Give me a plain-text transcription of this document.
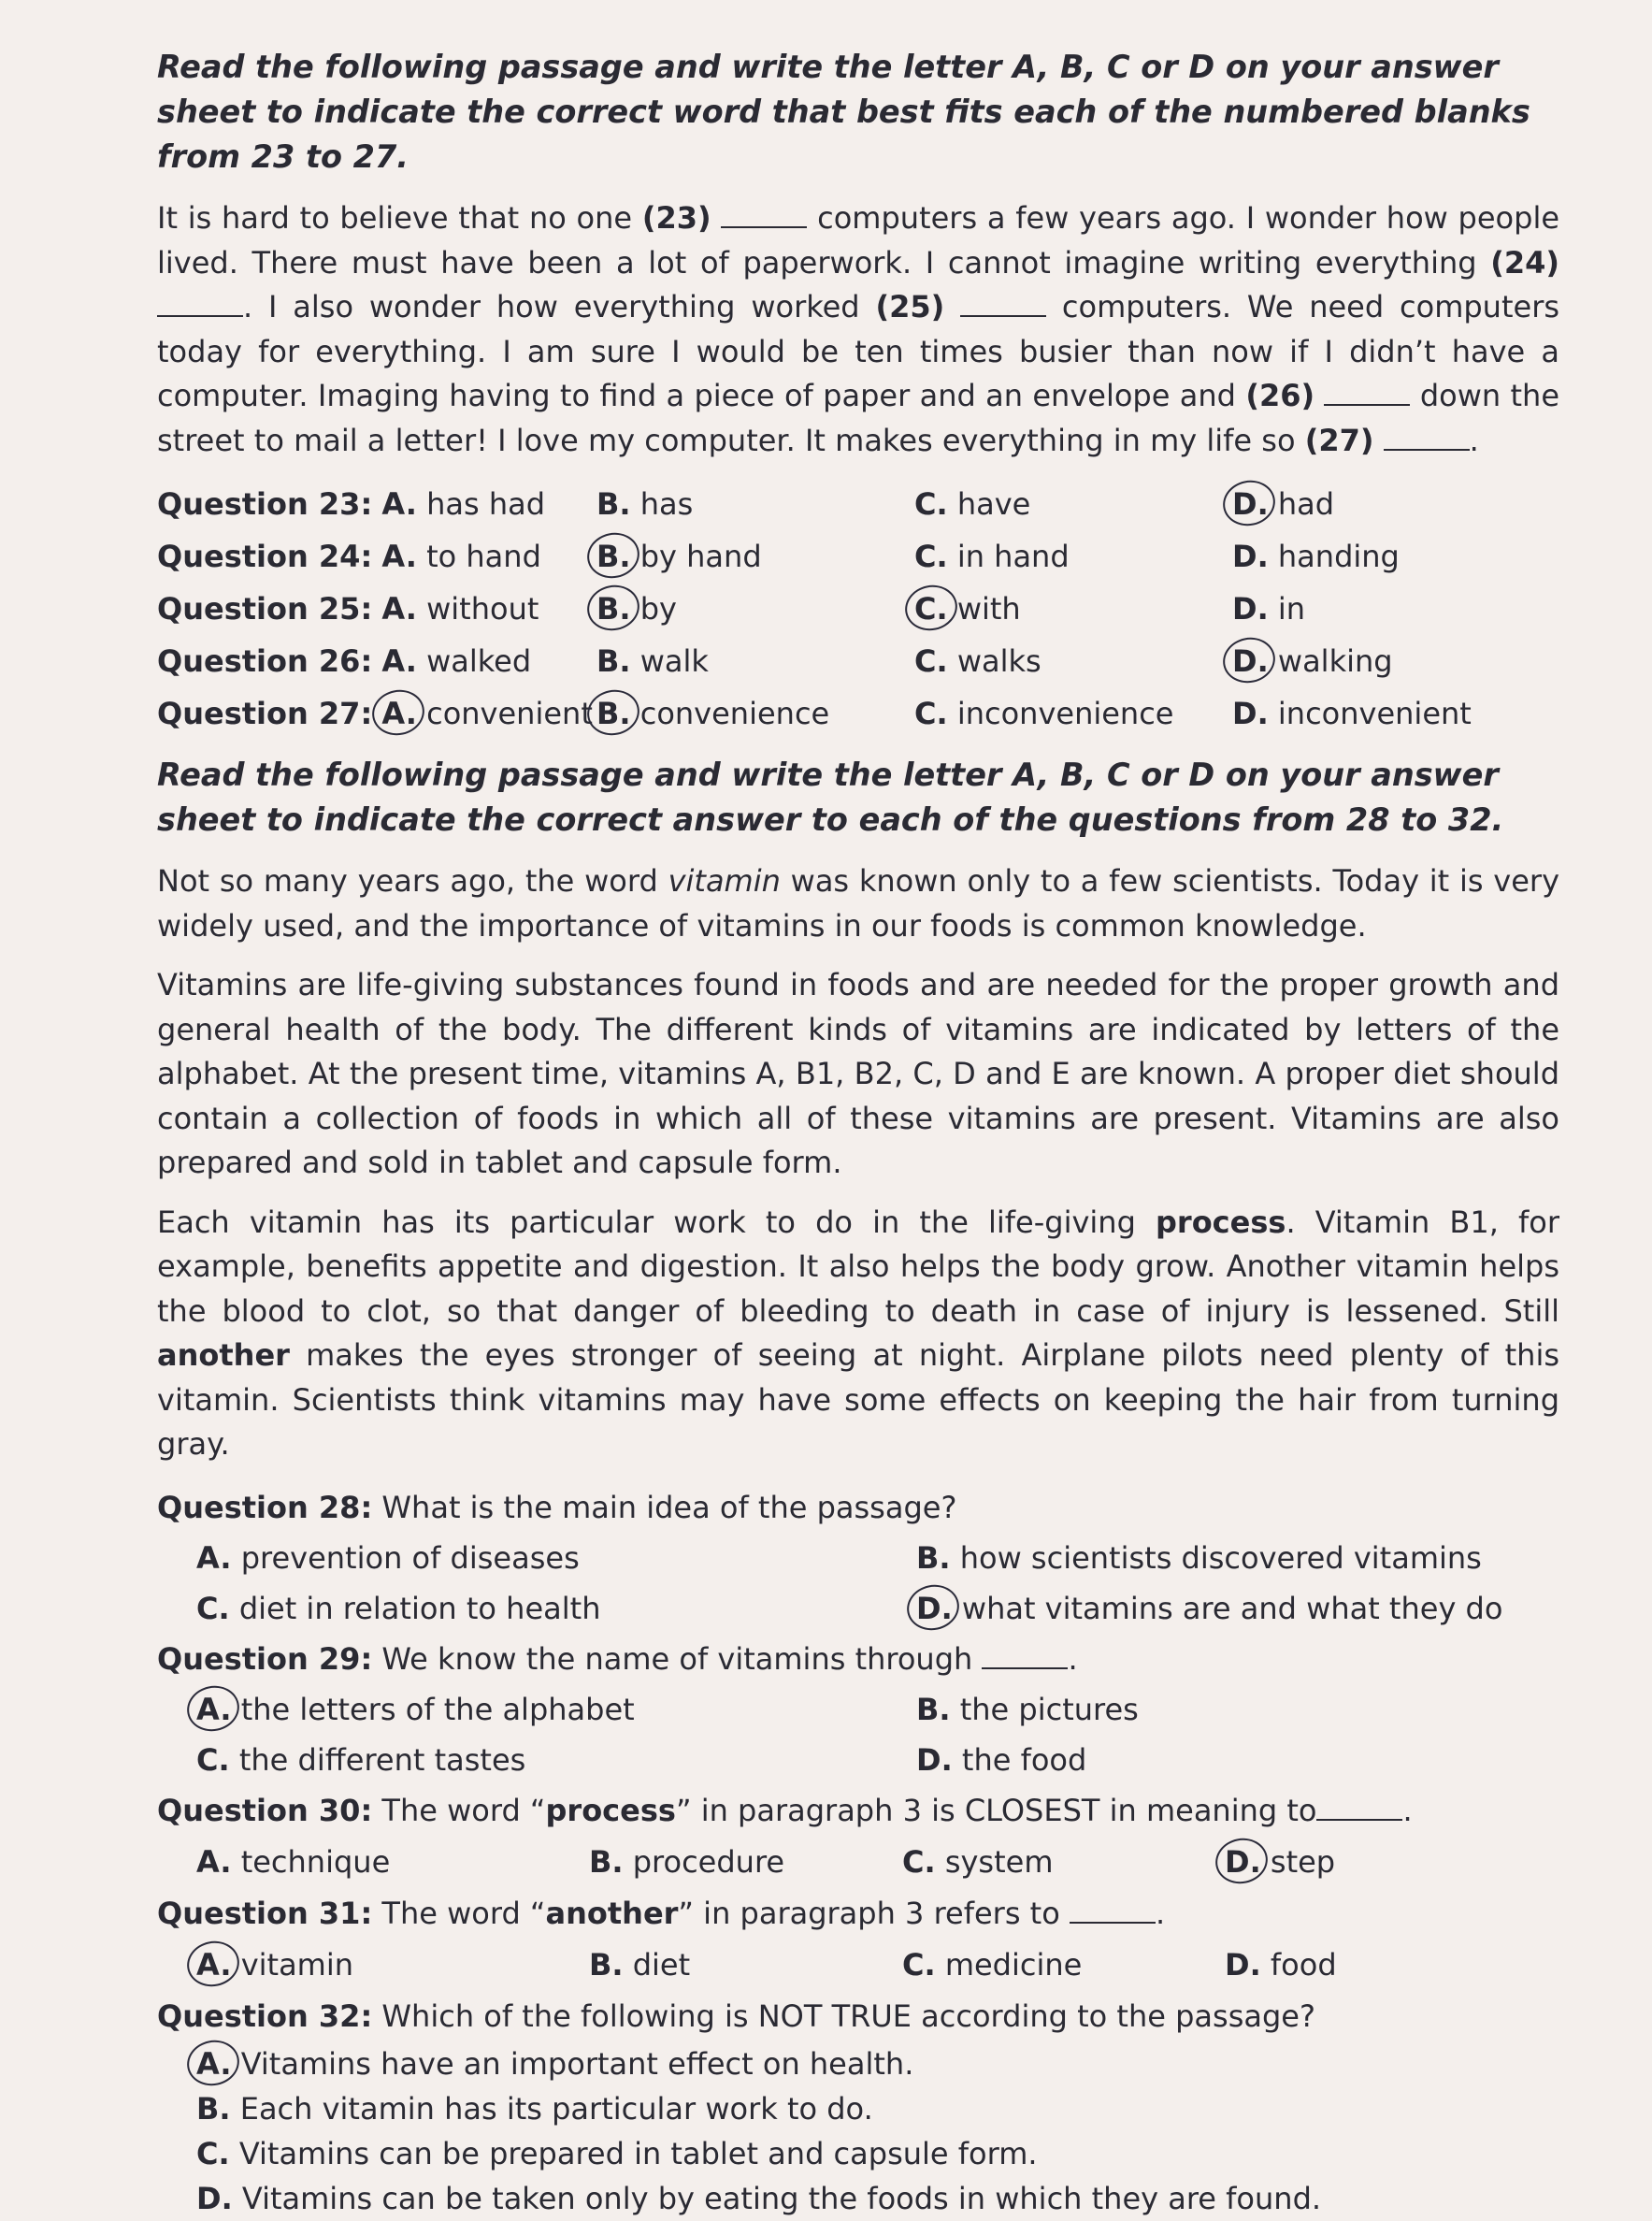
Read the following passage and write the letter A, B, C or D on your answer sheet to indicate the correct word that best fits each of the numbered blanks from 23 to 27.

It is hard to believe that no one (23)	computers a few years ago. I wonder how people lived. There must have been a lot of paperwork. I cannot imagine writing everything (24) . I also wonder how everything worked (25)	computers. We need computers today for everything. I am sure I would be ten times busier than now if I didn’t have a computer. Imaging having to find a piece of paper and an envelope and (26)	down the street to mail a letter! I love my computer. It makes everything in my life so (27)	.

Question 23: A. has had	B. has	C. have	D. had
Question 24: A. to hand	B. by hand	C. in hand	D. handing
Question 25: A. without	B. by	C. with	D. in
Question 26: A. walked	B. walk	C. walks	D. walking
Question 27: A. convenient B. convenience	C. inconvenience	D. inconvenient

Read the following passage and write the letter A, B, C or D on your answer sheet to indicate the correct answer to each of the questions from 28 to 32.

Not so many years ago, the word vitamin was known only to a few scientists. Today it is very widely used, and the importance of vitamins in our foods is common knowledge.

Vitamins are life-giving substances found in foods and are needed for the proper growth and general health of the body. The different kinds of vitamins are indicated by letters of the alphabet. At the present time, vitamins A, B1, B2, C, D and E are known. A proper diet should contain a collection of foods in which all of these vitamins are present. Vitamins are also prepared and sold in tablet and capsule form.

Each vitamin has its particular work to do in the life-giving process. Vitamin B1, for example, benefits appetite and digestion. It also helps the body grow. Another vitamin helps the blood to clot, so that danger of bleeding to death in case of injury is lessened. Still another makes the eyes stronger of seeing at night. Airplane pilots need plenty of this vitamin. Scientists think vitamins may have some effects on keeping the hair from turning gray.

Question 28: What is the main idea of the passage?
A. prevention of diseases	B. how scientists discovered vitamins
C. diet in relation to health	D. what vitamins are and what they do
Question 29: We know the name of vitamins through	.
A. the letters of the alphabet	B. the pictures
C. the different tastes	D. the food
Question 30: The word “process” in paragraph 3 is CLOSEST in meaning to	.
A. technique	B. procedure	C. system	D. step
Question 31: The word “another” in paragraph 3 refers to	.
A. vitamin	B. diet	C. medicine	D. food
Question 32: Which of the following is NOT TRUE according to the passage?
A. Vitamins have an important effect on health.
B. Each vitamin has its particular work to do.
C. Vitamins can be prepared in tablet and capsule form.
D. Vitamins can be taken only by eating the foods in which they are found.
